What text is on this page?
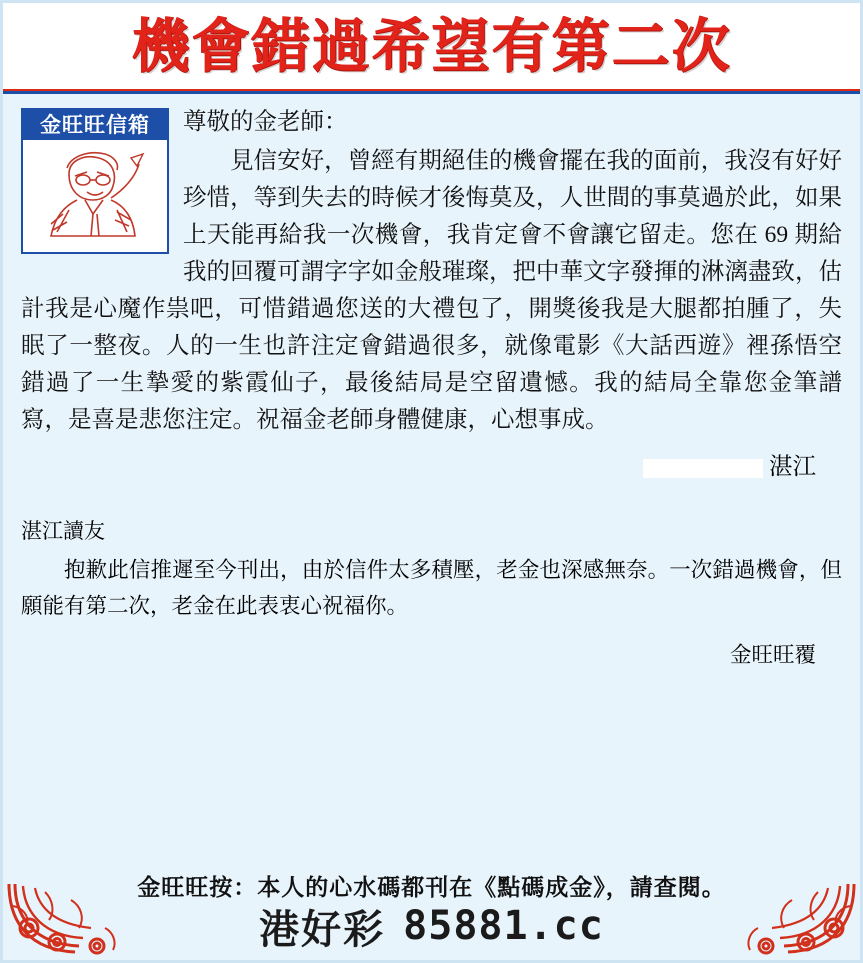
機會錯過希望有第二次
金旺旺信箱	尊敬的金老師：

見信安好，曾經有期絕佳的機會擺在我的面前，我沒有好好珍惜，等到失去的時候才後悔莫及，人世間的事莫過於此，如果上天能再給我一次機會，我肯定會不會讓它留走。您在 69 期給我的回覆可謂字字如金般璀璨，把中華文字發揮的淋漓盡致，估計我是心魔作祟吧，可惜錯過您送的大禮包了，開獎後我是大腿都拍腫了，失眠了一整夜。人的一生也許注定會錯過很多，就像電影《大話西遊》裡孫悟空錯過了一生摯愛的紫霞仙子，最後結局是空留遺憾。我的結局全靠您金筆譜寫，是喜是悲您注定。祝福金老師身體健康，心想事成。

湛江

湛江讀友

抱歉此信推遲至今刊出，由於信件太多積壓，老金也深感無奈。一次錯過機會，但願能有第二次，老金在此表衷心祝福你。

金旺旺覆
金旺旺按：本人的心水碼都刊在《點碼成金》，請查閱。
港好彩 85881.cc
